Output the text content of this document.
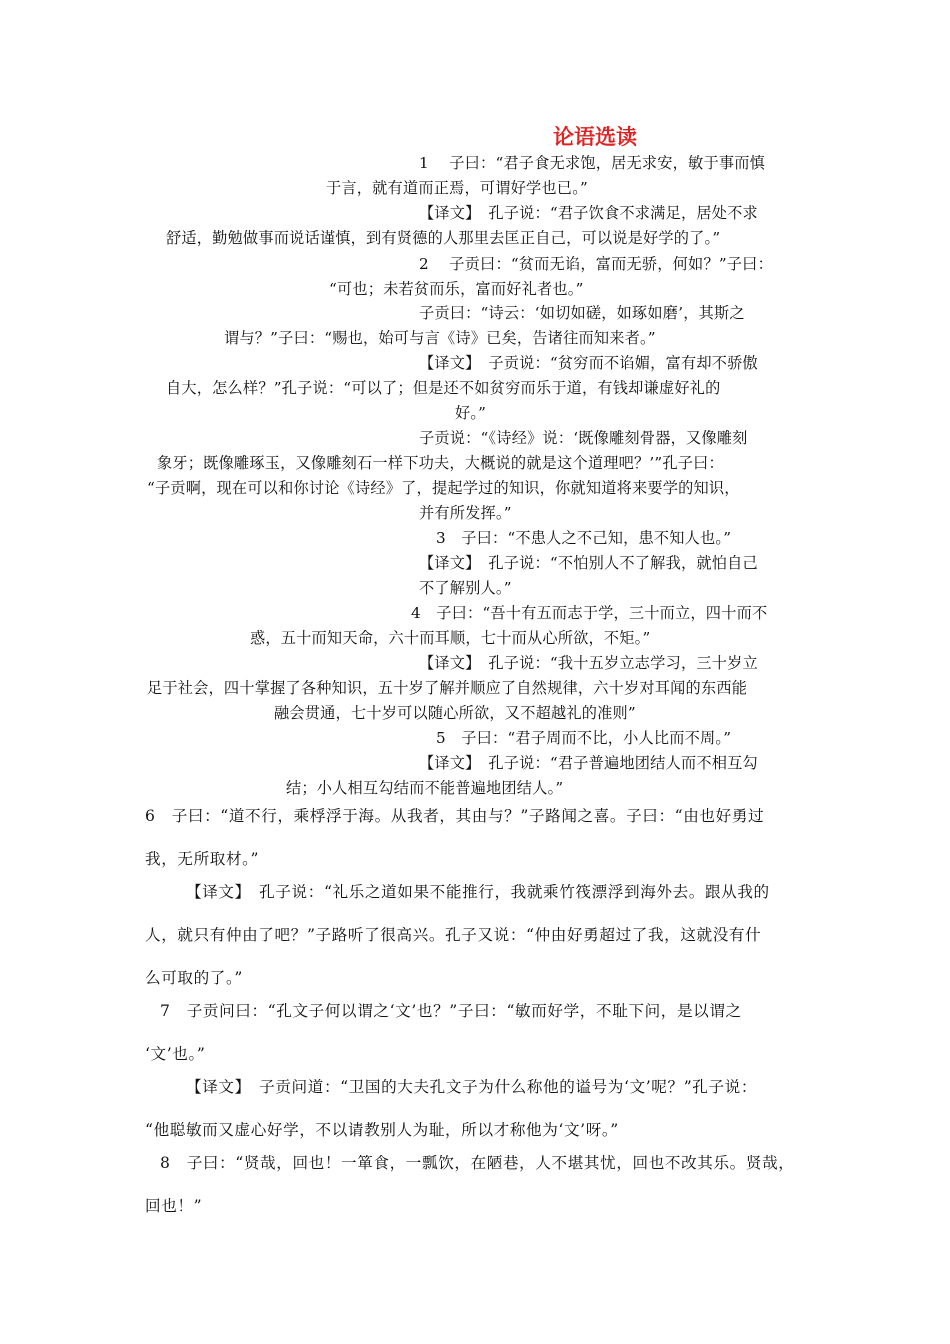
论语选读
1　 子曰：“君子食无求饱，居无求安，敏于事而慎
于言，就有道而正焉，可谓好学也已。”
【译文】　孔子说：“君子饮食不求满足，居处不求
舒适，勤勉做事而说话谨慎，到有贤德的人那里去匡正自己，可以说是好学的了。”
2　 子贡曰：“贫而无谄，富而无骄，何如？”子曰：
“可也；未若贫而乐，富而好礼者也。”
子贡曰：“诗云：‘如切如磋，如琢如磨’，其斯之
谓与？”子曰：“赐也，始可与言《诗》已矣，告诸往而知来者。”
【译文】　子贡说：“贫穷而不谄媚，富有却不骄傲
自大，怎么样？”孔子说：“可以了；但是还不如贫穷而乐于道，有钱却谦虚好礼的
好。”
子贡说：“《诗经》说：‘既像雕刻骨器，又像雕刻
象牙；既像雕琢玉，又像雕刻石一样下功夫，大概说的就是这个道理吧？’”孔子曰：
“子贡啊，现在可以和你讨论《诗经》了，提起学过的知识，你就知道将来要学的知识，
并有所发挥。”
3　子曰：“不患人之不己知，患不知人也。”
【译文】　孔子说：“不怕别人不了解我，就怕自己
不了解别人。”
4　子曰：“吾十有五而志于学，三十而立，四十而不
惑，五十而知天命，六十而耳顺，七十而从心所欲，不矩。”
【译文】　孔子说：“我十五岁立志学习，三十岁立
足于社会，四十掌握了各种知识，五十岁了解并顺应了自然规律，六十岁对耳闻的东西能
融会贯通，七十岁可以随心所欲，又不超越礼的准则”
5　子曰：“君子周而不比，小人比而不周。”
【译文】　孔子说：“君子普遍地团结人而不相互勾
结；小人相互勾结而不能普遍地团结人。”
6　子曰：“道不行，乘桴浮于海。从我者，其由与？”子路闻之喜。子曰：“由也好勇过
我，无所取材。”
【译文】　孔子说：“礼乐之道如果不能推行，我就乘竹筏漂浮到海外去。跟从我的
人，就只有仲由了吧？”子路听了很高兴。孔子又说：“仲由好勇超过了我，这就没有什
么可取的了。”
7　子贡问曰：“孔文子何以谓之‘文’也？”子曰：“敏而好学，不耻下问，是以谓之
‘文’也。”
【译文】　子贡问道：“卫国的大夫孔文子为什么称他的谥号为‘文’呢？”孔子说：
“他聪敏而又虚心好学，不以请教别人为耻，所以才称他为‘文’呀。”
8　子曰：“贤哉，回也！一箪食，一瓢饮，在陋巷，人不堪其忧，回也不改其乐。贤哉，
回也！”
